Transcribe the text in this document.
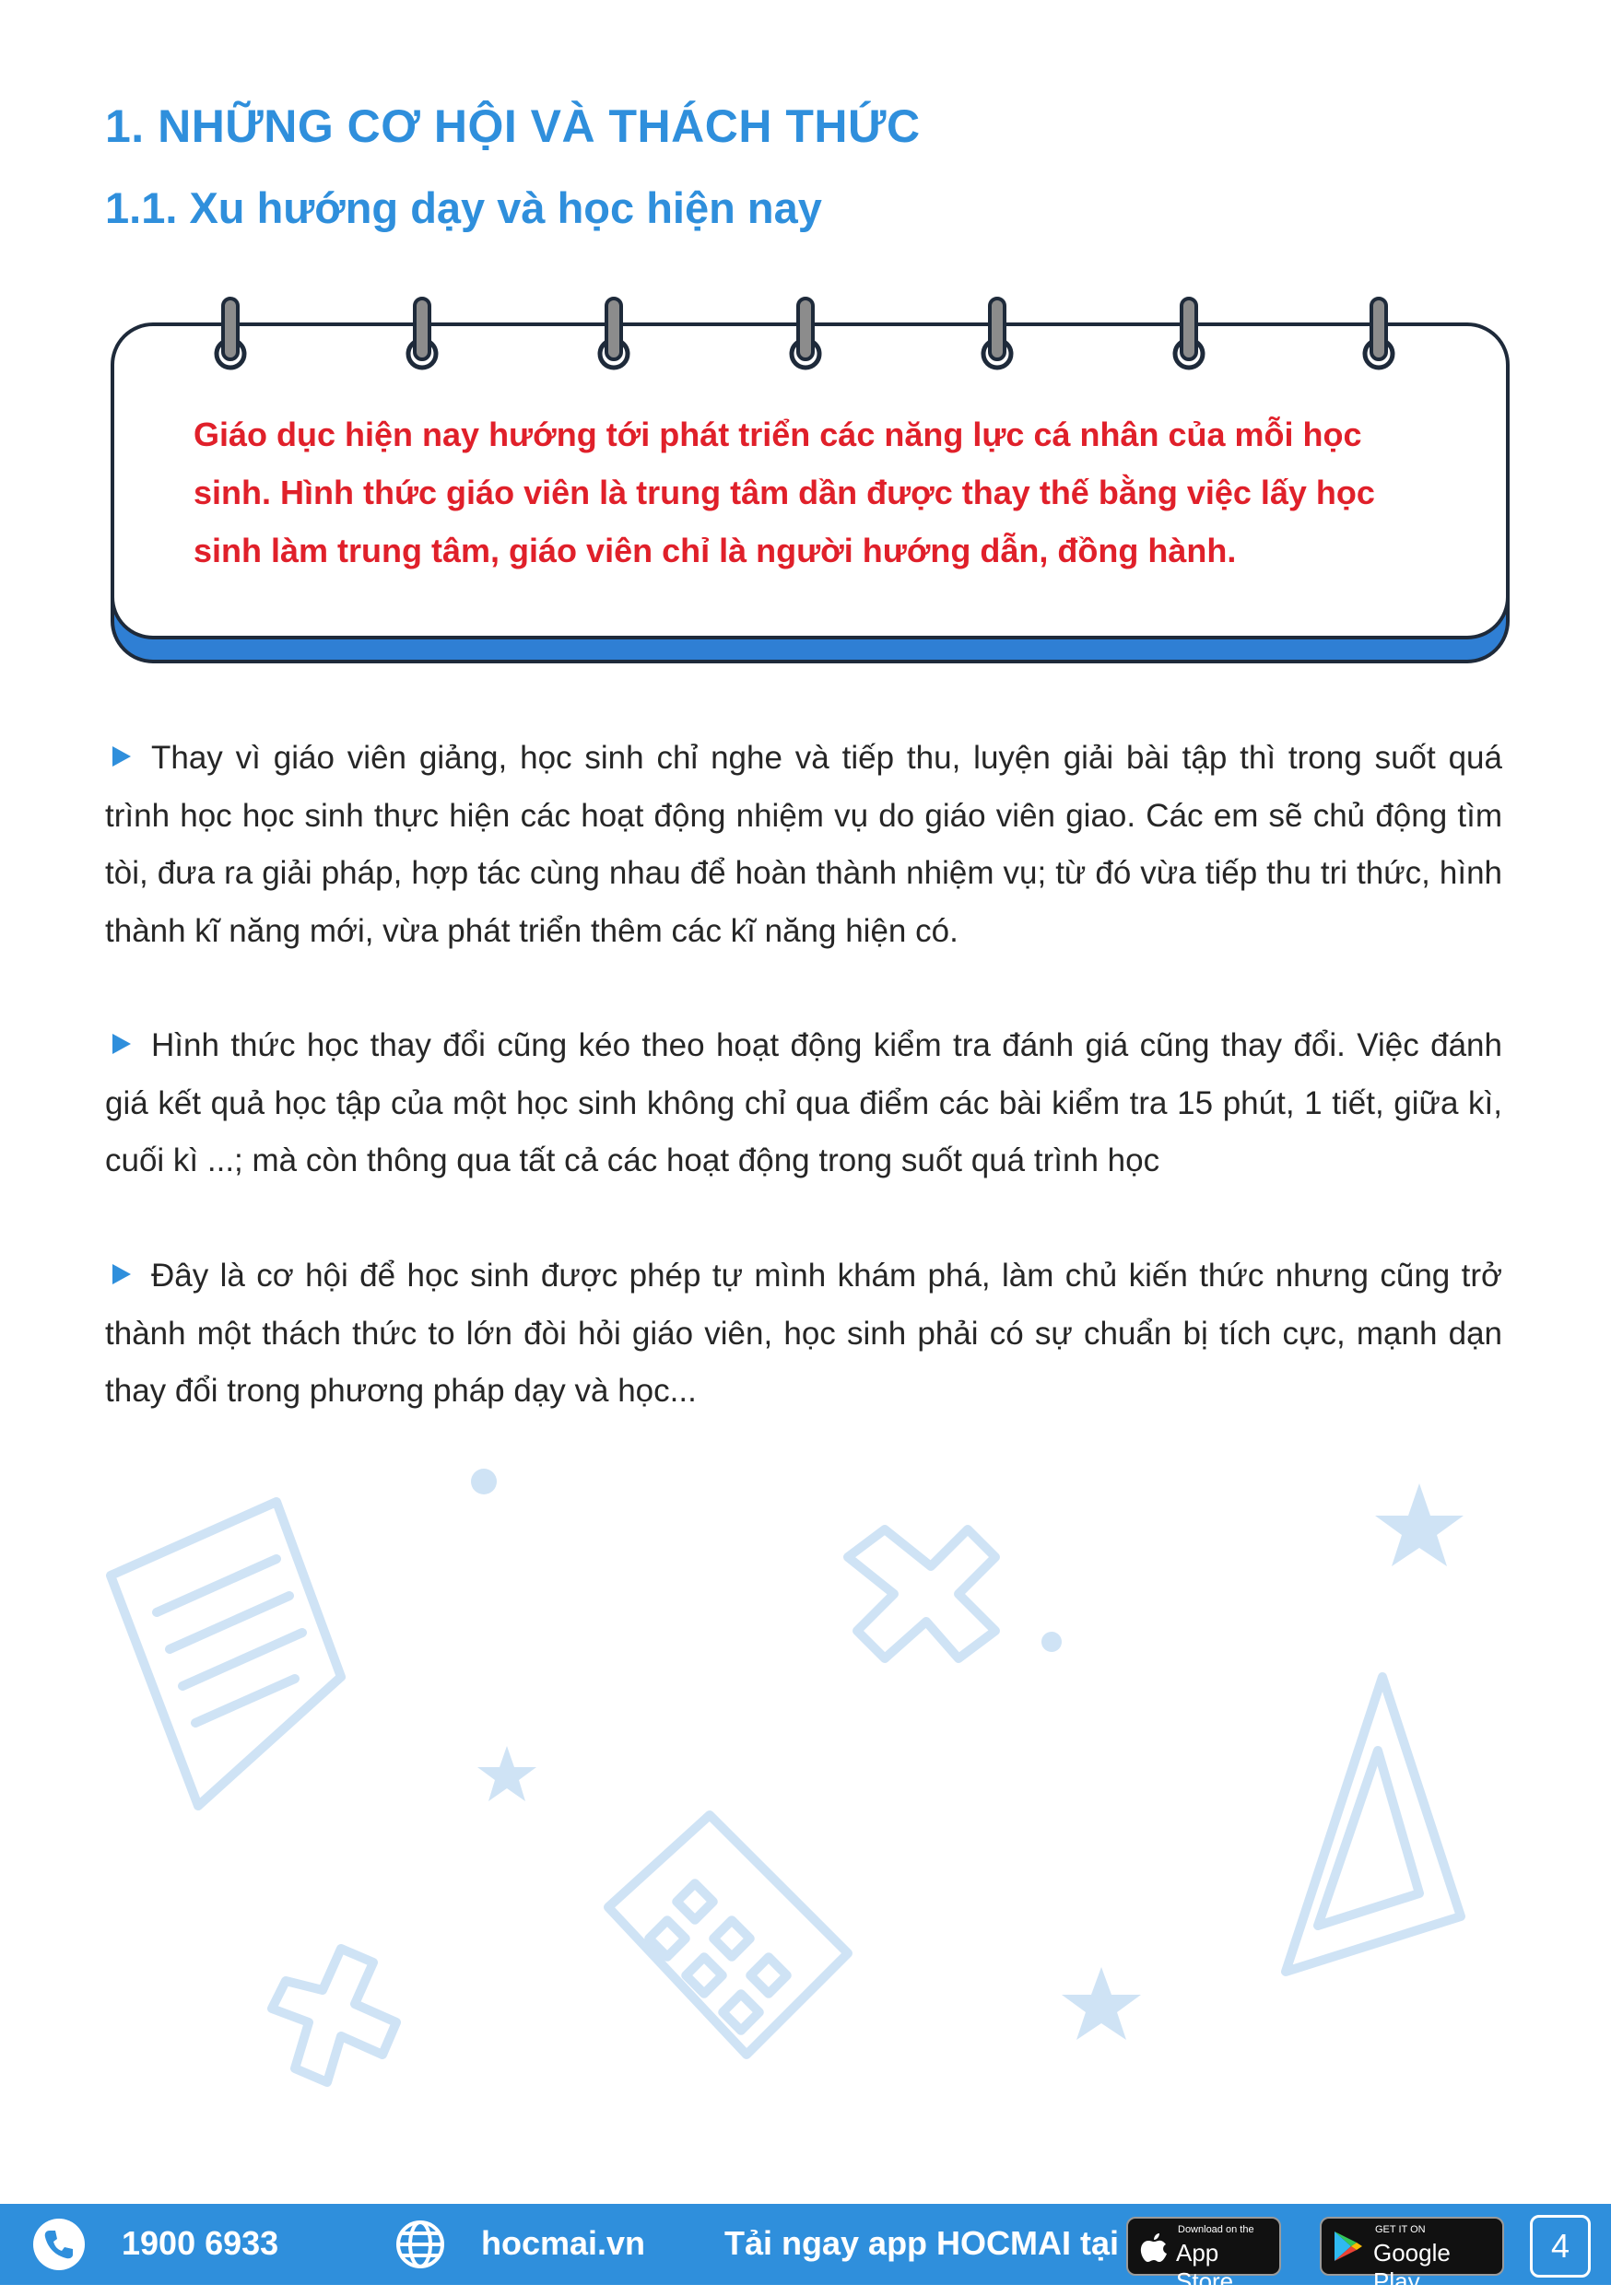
1. NHỮNG CƠ HỘI VÀ THÁCH THỨC
1.1. Xu hướng dạy và học hiện nay
Giáo dục hiện nay hướng tới phát triển các năng lực cá nhân của mỗi học sinh. Hình thức giáo viên là trung tâm dần được thay thế bằng việc lấy học sinh làm trung tâm, giáo viên chỉ là người hướng dẫn, đồng hành.
Thay vì giáo viên giảng, học sinh chỉ nghe và tiếp thu, luyện giải bài tập thì trong suốt quá trình học học sinh thực hiện các hoạt động nhiệm vụ do giáo viên giao. Các em sẽ chủ động tìm tòi, đưa ra giải pháp, hợp tác cùng nhau để hoàn thành nhiệm vụ; từ đó vừa tiếp thu tri thức, hình thành kĩ năng mới, vừa phát triển thêm các kĩ năng hiện có.
Hình thức học thay đổi cũng kéo theo hoạt động kiểm tra đánh giá cũng thay đổi. Việc đánh giá kết quả học tập của một học sinh không chỉ qua điểm các bài kiểm tra 15 phút, 1 tiết, giữa kì, cuối kì ...; mà còn thông qua tất cả các hoạt động trong suốt quá trình học
Đây là cơ hội để học sinh được phép tự mình khám phá, làm chủ kiến thức nhưng cũng trở thành một thách thức to lớn đòi hỏi giáo viên, học sinh phải có sự chuẩn bị tích cực, mạnh dạn thay đổi trong phương pháp dạy và học...
1900 6933	hocmai.vn Tải ngay app HOCMAI tại	Download on the
App Store
GET IT ON
Google Play
4
